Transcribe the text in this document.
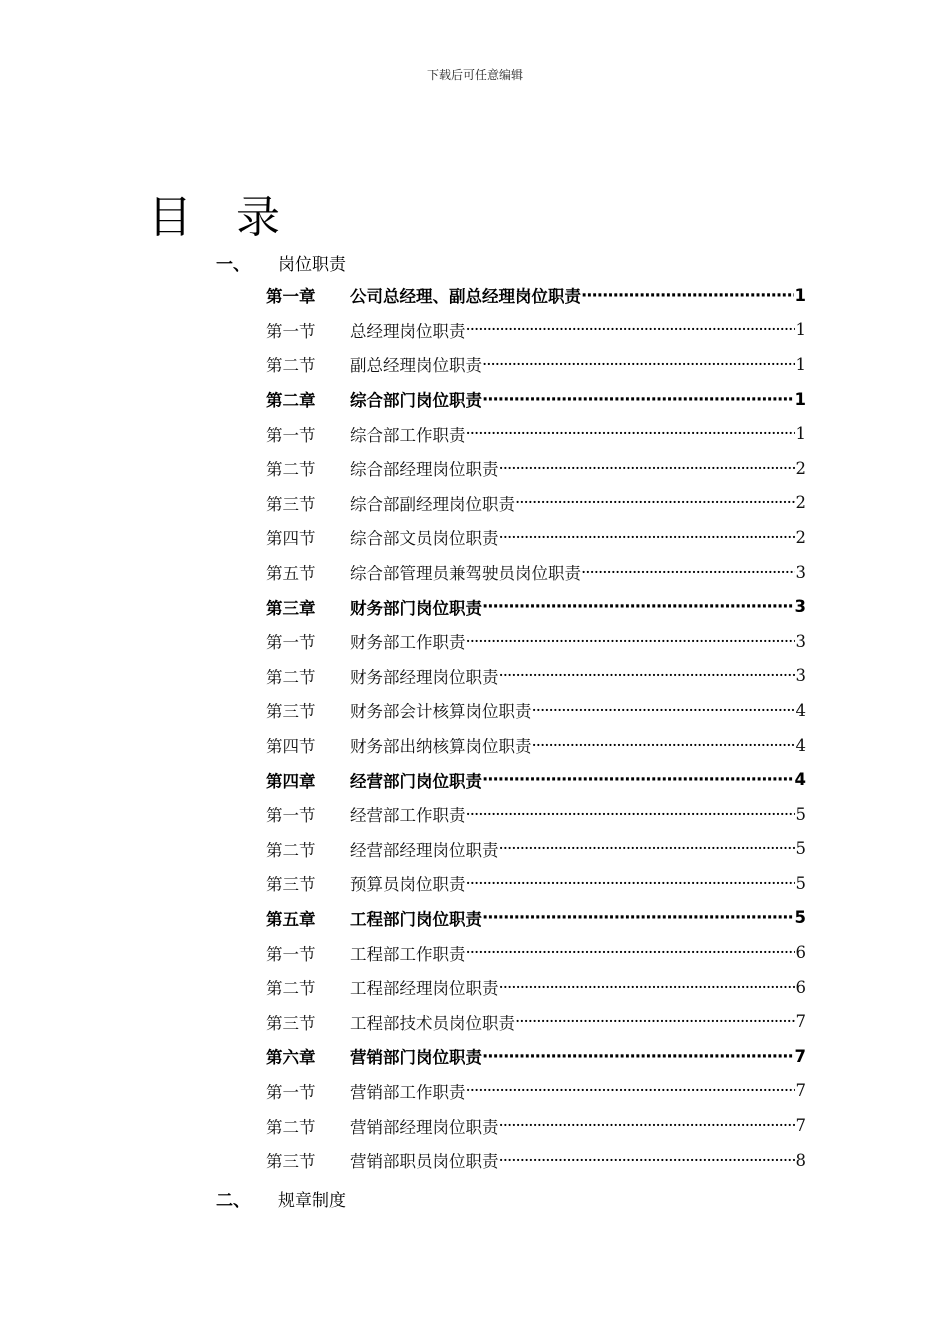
下载后可任意编辑
目录
一、	岗位职责
第一章	公司总经理、副总经理岗位职责 ·····	1
第一节	总经理岗位职责 ·····	1
第二节	副总经理岗位职责 ·····	1
第二章	综合部门岗位职责 ·····	1
第一节	综合部工作职责 ·····	1
第二节	综合部经理岗位职责 ·····	2
第三节	综合部副经理岗位职责 ·····	2
第四节	综合部文员岗位职责 ·····	2
第五节	综合部管理员兼驾驶员岗位职责 ·····	3
第三章	财务部门岗位职责 ·····	3
第一节	财务部工作职责 ·····	3
第二节	财务部经理岗位职责 ·····	3
第三节	财务部会计核算岗位职责 ·····	4
第四节	财务部出纳核算岗位职责 ·····	4
第四章	经营部门岗位职责 ·····	4
第一节	经营部工作职责 ·····	5
第二节	经营部经理岗位职责 ·····	5
第三节	预算员岗位职责 ·····	5
第五章	工程部门岗位职责 ·····	5
第一节	工程部工作职责 ·····	6
第二节	工程部经理岗位职责 ·····	6
第三节	工程部技术员岗位职责 ·····	7
第六章	营销部门岗位职责 ·····	7
第一节	营销部工作职责 ·····	7
第二节	营销部经理岗位职责 ·····	7
第三节	营销部职员岗位职责 ·····	8
二、	规章制度
